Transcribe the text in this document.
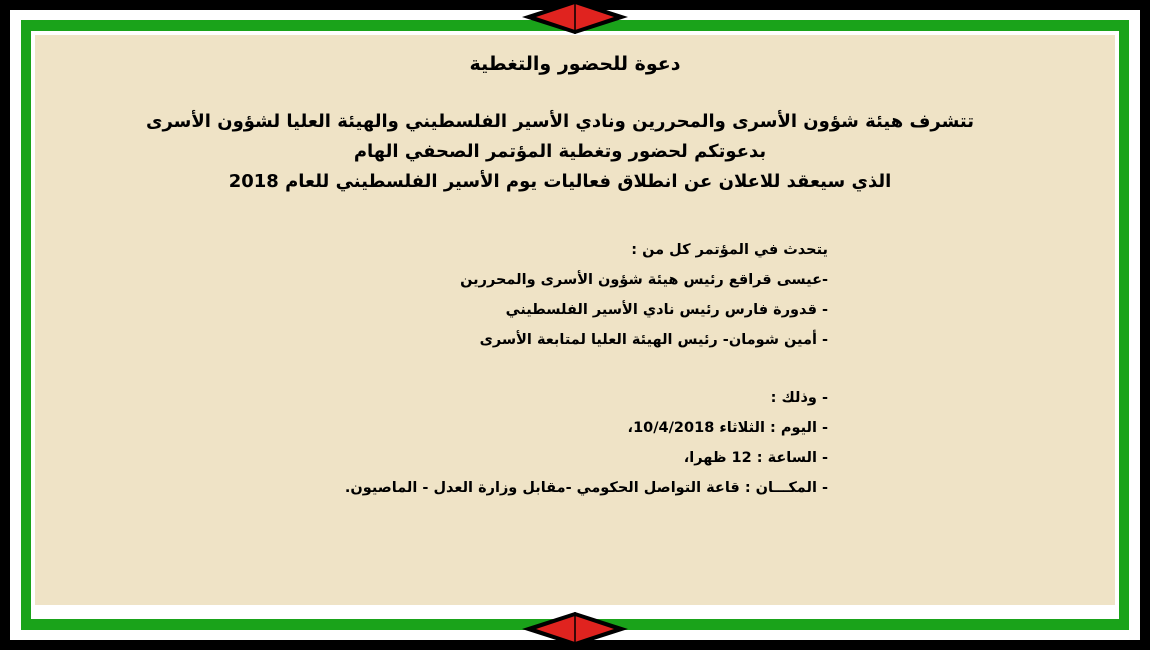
دعوة للحضور والتغطية
تتشرف هيئة شؤون الأسرى والمحررين ونادي الأسير الفلسطيني والهيئة العليا لشؤون الأسرى
بدعوتكم لحضور وتغطية المؤتمر الصحفي الهام
الذي سيعقد للاعلان عن انطلاق فعاليات يوم الأسير الفلسطيني للعام 2018
يتحدث في المؤتمر كل من :
-عيسى قراقع رئيس هيئة شؤون الأسرى والمحررين
- قدورة فارس رئيس نادي الأسير الفلسطيني
- أمين شومان- رئيس الهيئة العليا لمتابعة الأسرى
- وذلك :
- اليوم : الثلاثاء 10/4/2018،
- الساعة : 12 ظهرا،
- المكـــان : قاعة التواصل الحكومي -مقابل وزارة العدل - الماصيون.
